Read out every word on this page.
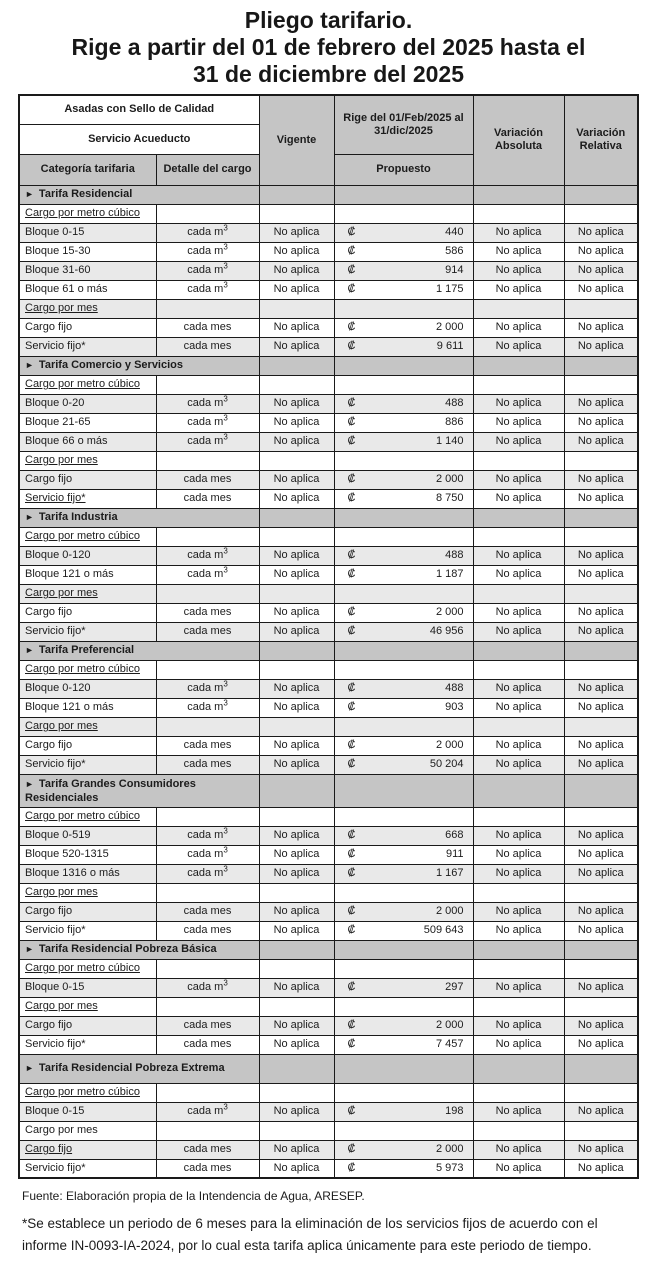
Pliego tarifario.
Rige a partir del 01 de febrero del 2025 hasta el
31 de diciembre del 2025
Asadas con Sello de Calidad		Vigente	Rige del 01/Feb/2025 al 31/dic/2025	Variación Absoluta	Variación Relativa
Servicio Acueducto					
Categoría tarifaria	Detalle del cargo		Propuesto		
► Tarifa Residencial					
Cargo por metro cúbico					
Bloque 0-15	cada $m^3$	No aplica	₡ 440	No aplica	No aplica
Bloque 15-30	cada $m^3$	No aplica	₡ 586	No aplica	No aplica
Bloque 31-60	cada $m^3$	No aplica	₡ 914	No aplica	No aplica
Bloque 61 o más	cada $m^3$	No aplica	₡ 1 175	No aplica	No aplica
Cargo por mes					
Cargo fijo	cada mes	No aplica	₡ 2 000	No aplica	No aplica
Servicio fijo*	cada mes	No aplica	₡ 9 611	No aplica	No aplica
► Tarifa Comercio y Servicios					
Cargo por metro cúbico					
Bloque 0-20	cada $m^3$	No aplica	₡ 488	No aplica	No aplica
Bloque 21-65	cada $m^3$	No aplica	₡ 886	No aplica	No aplica
Bloque 66 o más	cada $m^3$	No aplica	₡ 1 140	No aplica	No aplica
Cargo por mes					
Cargo fijo	cada mes	No aplica	₡ 2 000	No aplica	No aplica
Servicio fijo*	cada mes	No aplica	₡ 8 750	No aplica	No aplica
► Tarifa Industria					
Cargo por metro cúbico					
Bloque 0-120	cada $m^3$	No aplica	₡ 488	No aplica	No aplica
Bloque 121 o más	cada $m^3$	No aplica	₡ 1 187	No aplica	No aplica
Cargo por mes					
Cargo fijo	cada mes	No aplica	₡ 2 000	No aplica	No aplica
Servicio fijo*	cada mes	No aplica	₡ 46 956	No aplica	No aplica
► Tarifa Preferencial					
Cargo por metro cúbico					
Bloque 0-120	cada $m^3$	No aplica	₡ 488	No aplica	No aplica
Bloque 121 o más	cada $m^3$	No aplica	₡ 903	No aplica	No aplica
Cargo por mes					
Cargo fijo	cada mes	No aplica	₡ 2 000	No aplica	No aplica
Servicio fijo*	cada mes	No aplica	₡ 50 204	No aplica	No aplica
► Tarifa Grandes Consumidores Residenciales					
Cargo por metro cúbico					
Bloque 0-519	cada $m^3$	No aplica	₡ 668	No aplica	No aplica
Bloque 520-1315	cada $m^3$	No aplica	₡ 911	No aplica	No aplica
Bloque 1316 o más	cada $m^3$	No aplica	₡ 1 167	No aplica	No aplica
Cargo por mes					
Cargo fijo	cada mes	No aplica	₡ 2 000	No aplica	No aplica
Servicio fijo*	cada mes	No aplica	₡ 509 643	No aplica	No aplica
► Tarifa Residencial Pobreza Básica					
Cargo por metro cúbico					
Bloque 0-15	cada $m^3$	No aplica	₡ 297	No aplica	No aplica
Cargo por mes					
Cargo fijo	cada mes	No aplica	₡ 2 000	No aplica	No aplica
Servicio fijo*	cada mes	No aplica	₡ 7 457	No aplica	No aplica
► Tarifa Residencial Pobreza Extrema					
Cargo por metro cúbico					
Bloque 0-15	cada $m^3$	No aplica	₡ 198	No aplica	No aplica
Cargo por mes					
Cargo fijo	cada mes	No aplica	₡ 2 000	No aplica	No aplica
Servicio fijo*	cada mes	No aplica	₡ 5 973	No aplica	No aplica
Fuente: Elaboración propia de la Intendencia de Agua, ARESEP.
*Se establece un periodo de 6 meses para la eliminación de los servicios fijos de acuerdo con el informe IN-0093-IA-2024, por lo cual esta tarifa aplica únicamente para este periodo de tiempo.
